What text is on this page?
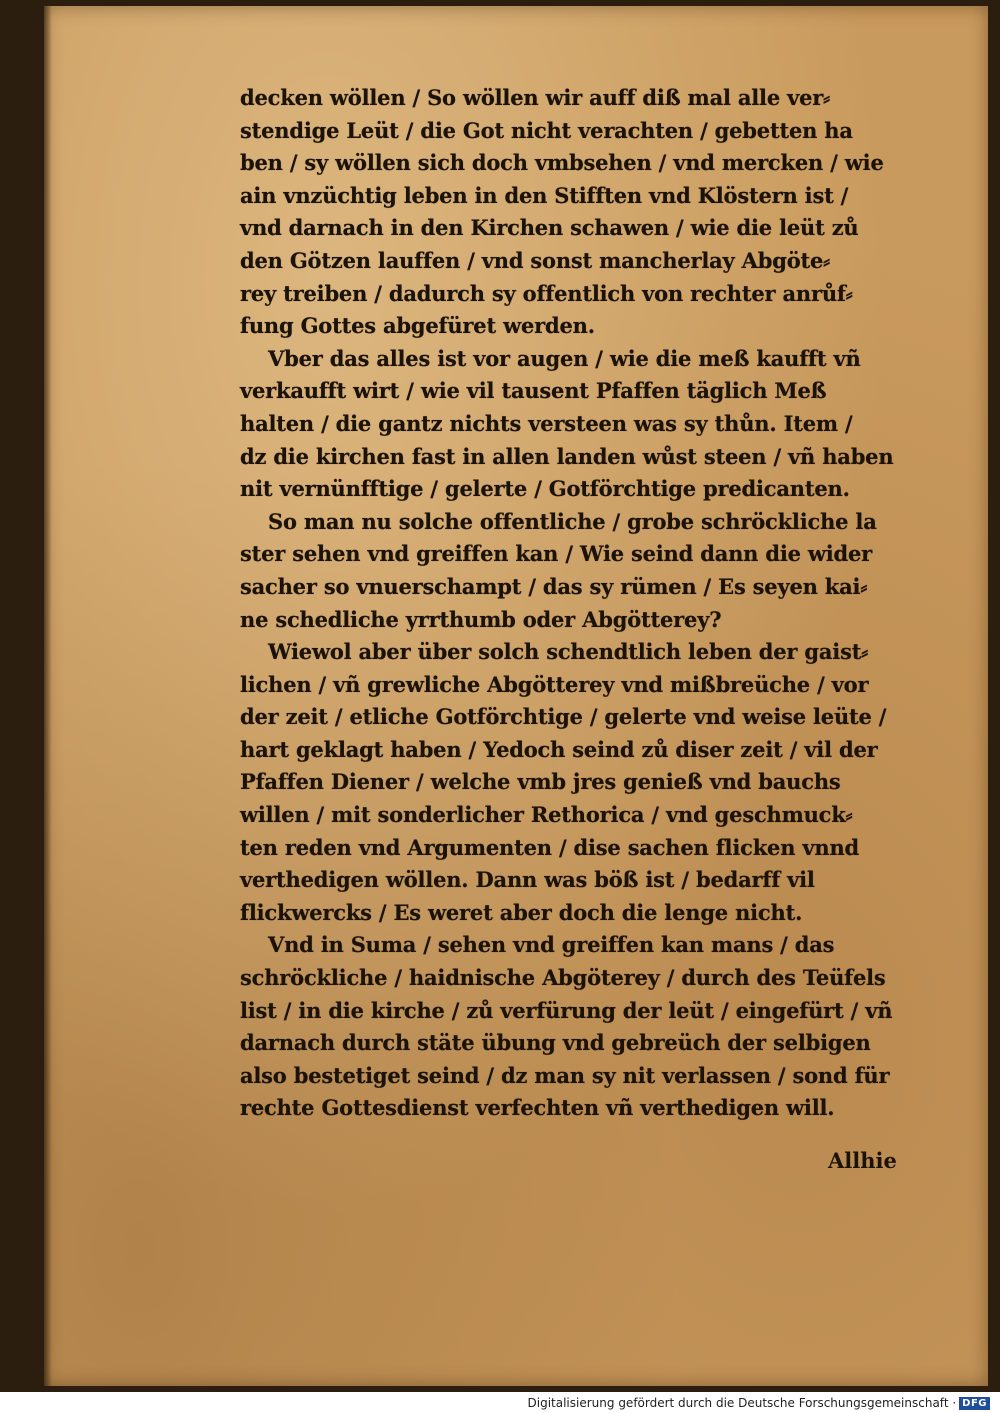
decken wöllen / So wöllen wir auff diß mal alle ver⸗
stendige Leüt / die Got nicht verachten / gebetten ha
ben / sy wöllen sich doch vmbsehen / vnd mercken / wie
ain vnzüchtig leben in den Stifften vnd Klöstern ist /
vnd darnach in den Kirchen schawen / wie die leüt zů
den Götzen lauffen / vnd sonst mancherlay Abgöte⸗
rey treiben / dadurch sy offentlich von rechter anrůf⸗
fung Gottes abgefüret werden.
Vber das alles ist vor augen / wie die meß kaufft vñ
verkaufft wirt / wie vil tausent Pfaffen täglich Meß
halten / die gantz nichts versteen was sy thůn. Item /
dz die kirchen fast in allen landen wůst steen / vñ haben
nit vernünfftige / gelerte / Gotförchtige predicanten.
So man nu solche offentliche / grobe schröckliche la
ster sehen vnd greiffen kan / Wie seind dann die wider
sacher so vnuerschampt / das sy rümen / Es seyen kai⸗
ne schedliche yrrthumb oder Abgötterey?
Wiewol aber über solch schendtlich leben der gaist⸗
lichen / vñ grewliche Abgötterey vnd mißbreüche / vor
der zeit / etliche Gotförchtige / gelerte vnd weise leüte /
hart geklagt haben / Yedoch seind zů diser zeit / vil der
Pfaffen Diener / welche vmb jres genieß vnd bauchs
willen / mit sonderlicher Rethorica / vnd geschmuck⸗
ten reden vnd Argumenten / dise sachen flicken vnnd
verthedigen wöllen. Dann was böß ist / bedarff vil
flickwercks / Es weret aber doch die lenge nicht.
Vnd in Suma / sehen vnd greiffen kan mans / das
schröckliche / haidnische Abgöterey / durch des Teüfels
list / in die kirche / zů verfürung der leüt / eingefürt / vñ
darnach durch stäte übung vnd gebreüch der selbigen
also bestetiget seind / dz man sy nit verlassen / sond für
rechte Gottesdienst verfechten vñ verthedigen will.
Allhie
Digitalisierung gefördert durch die Deutsche Forschungsgemeinschaft · DFG
